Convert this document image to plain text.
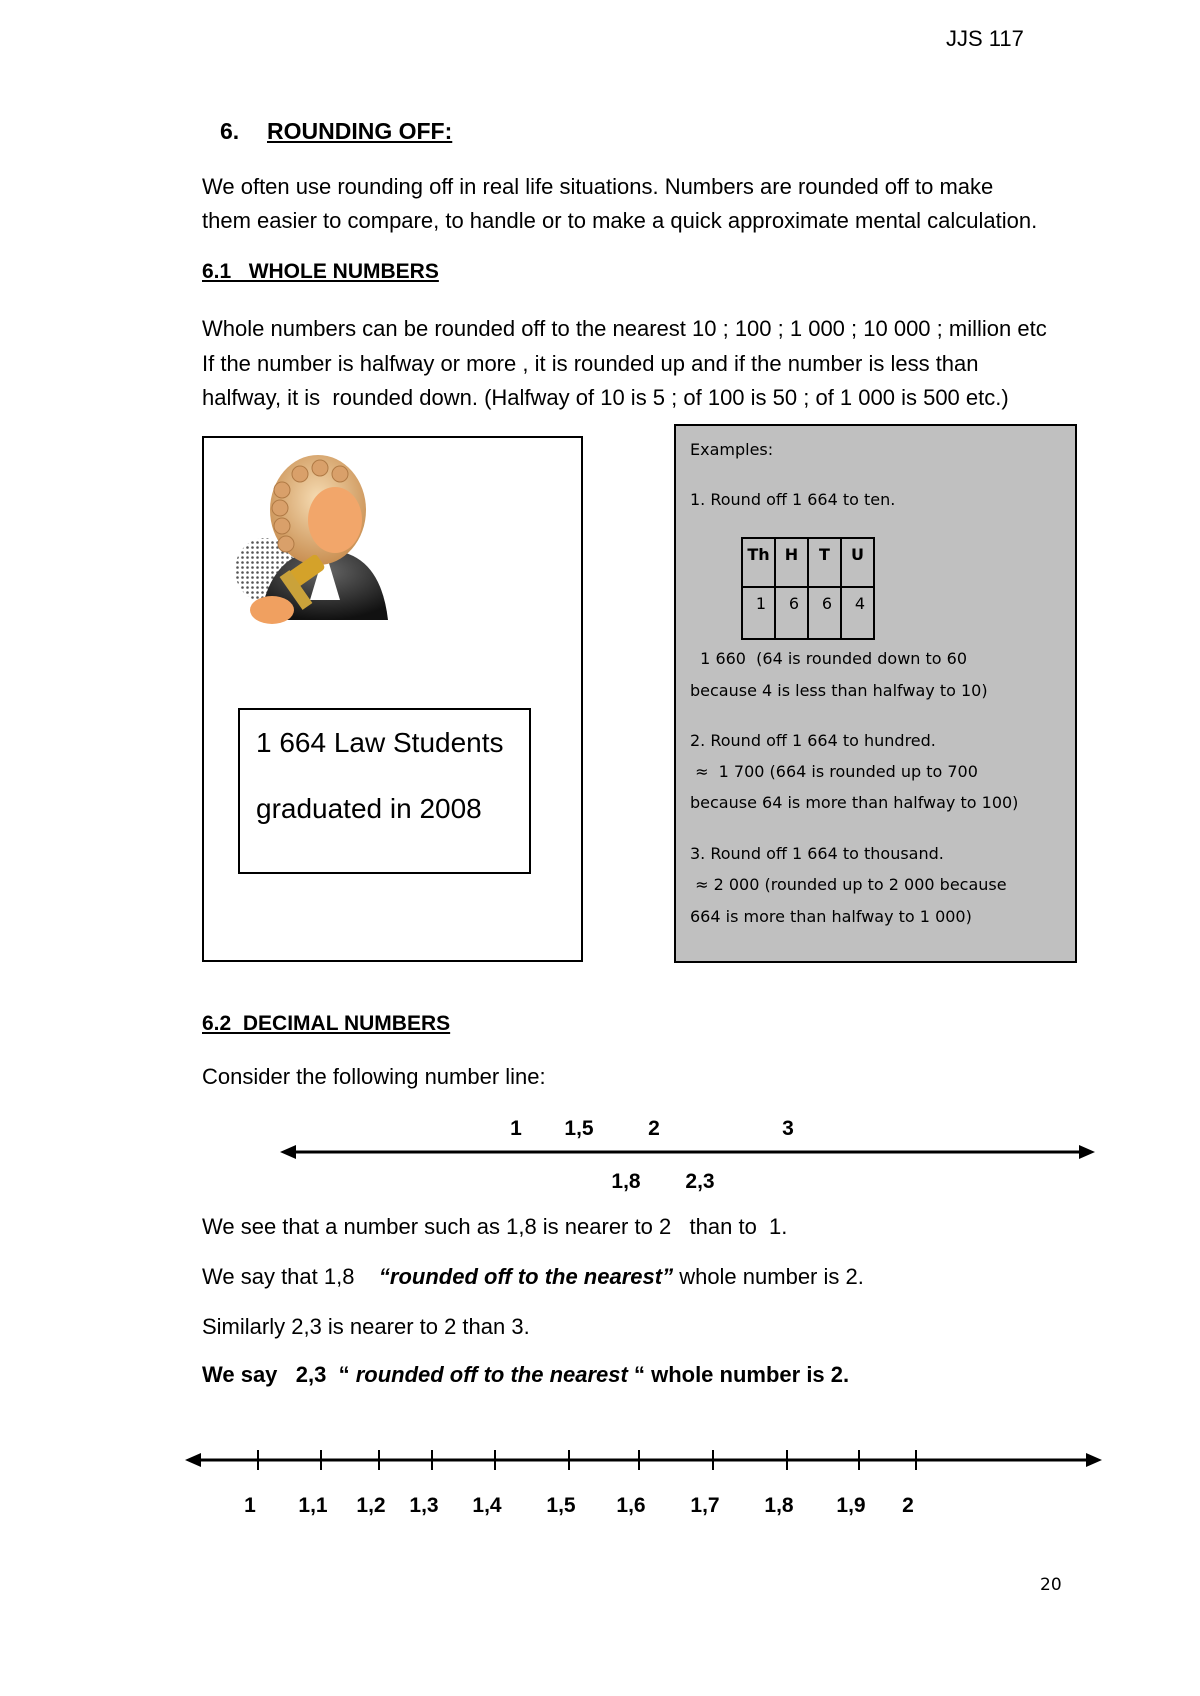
JJS 117
6. ROUNDING OFF:

We often use rounding off in real life situations. Numbers are rounded off to make

them easier to compare, to handle or to make a quick approximate mental calculation.

6.1   WHOLE NUMBERS

Whole numbers can be rounded off to the nearest 10 ; 100 ; 1 000 ; 10 000 ; million etc

If the number is halfway or more , it is rounded up and if the number is less than

halfway, it is  rounded down. (Halfway of 10 is 5 ; of 100 is 50 ; of 1 000 is 500 etc.)

1 664 Law Students

graduated in 2008

Examples:
1. Round off 1 664 to ten.
Th	H	T	U
1	6	6	4
1 660  (64 is rounded down to 60
because 4 is less than halfway to 10)
2. Round off 1 664 to hundred.
≈  1 700 (664 is rounded up to 700
because 64 is more than halfway to 100)
3. Round off 1 664 to thousand.
≈ 2 000 (rounded up to 2 000 because
664 is more than halfway to 1 000)
6.2  DECIMAL NUMBERS
Consider the following number line:
1 1,5	2	3
1,8 2,3
We see that a number such as 1,8 is nearer to 2   than to  1.
We say that 1,8    “rounded off to the nearest” whole number is 2.
Similarly 2,3 is nearer to 2 than 3.
We say   2,3  “ rounded off to the nearest “ whole number is 2.
1 1,1 1,2 1,3 1,4 1,5 1,6 1,7 1,8 1,9 2
20
